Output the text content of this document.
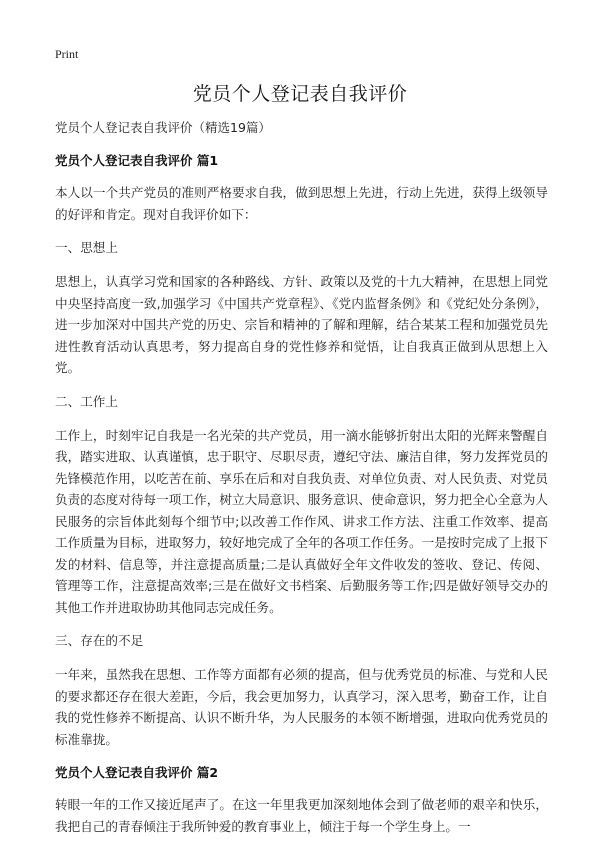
Print
党员个人登记表自我评价

党员个人登记表自我评价（精选19篇）

党员个人登记表自我评价 篇1

本人以一个共产党员的准则严格要求自我，做到思想上先进，行动上先进，获得上级领导的好评和肯定。现对自我评价如下：

一、思想上

思想上，认真学习党和国家的各种路线、方针、政策以及党的十九大精神，在思想上同党中央坚持高度一致,加强学习《中国共产党章程》、《党内监督条例》和《党纪处分条例》，进一步加深对中国共产党的历史、宗旨和精神的了解和理解，结合某某工程和加强党员先进性教育活动认真思考，努力提高自身的党性修养和觉悟，让自我真正做到从思想上入党。

二、工作上

工作上，时刻牢记自我是一名光荣的共产党员，用一滴水能够折射出太阳的光辉来警醒自我，踏实进取、认真谨慎，忠于职守、尽职尽责，遵纪守法、廉洁自律，努力发挥党员的先锋模范作用，以吃苦在前、享乐在后和对自我负责、对单位负责、对人民负责、对党员负责的态度对待每一项工作，树立大局意识、服务意识、使命意识，努力把全心全意为人民服务的宗旨体此刻每个细节中;以改善工作作风、讲求工作方法、注重工作效率、提高工作质量为目标，进取努力，较好地完成了全年的各项工作任务。一是按时完成了上报下发的材料、信息等，并注意提高质量;二是认真做好全年文件收发的签收、登记、传阅、管理等工作，注意提高效率;三是在做好文书档案、后勤服务等工作;四是做好领导交办的其他工作并进取协助其他同志完成任务。

三、存在的不足

一年来，虽然我在思想、工作等方面都有必须的提高，但与优秀党员的标准、与党和人民的要求都还存在很大差距，今后，我会更加努力，认真学习，深入思考，勤奋工作，让自我的党性修养不断提高、认识不断升华，为人民服务的本领不断增强，进取向优秀党员的标准靠拢。

党员个人登记表自我评价 篇2

转眼一年的工作又接近尾声了。在这一年里我更加深刻地体会到了做老师的艰辛和快乐，我把自己的青春倾注于我所钟爱的教育事业上，倾注于每一个学生身上。一
